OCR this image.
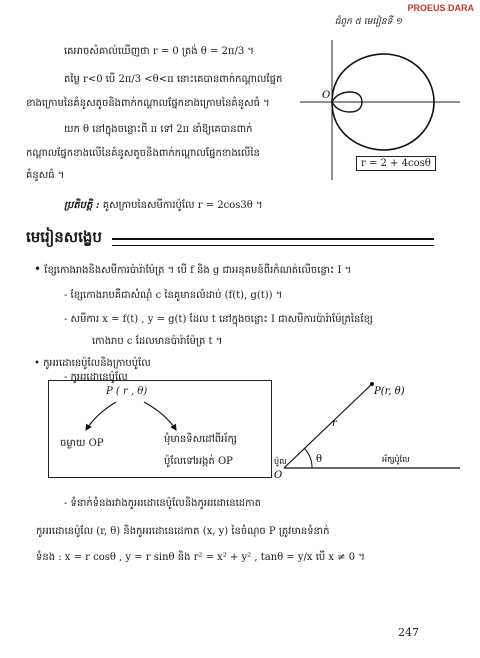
PROEUS DARA
ជំពូក ៥ មេរៀនទី ១
គេអាចសំគាល់ឃើញថា r = 0 ត្រង់ θ = 2π/3 ។
តម្លៃ r<0 បើ 2π/3 <θ<π នោះគេបានពាក់កណ្ដាលផ្នែក
ខាងក្រោមនៃគំនូសតូចនិងពាក់កណ្ដាលផ្នែកខាងក្រោមនៃគំនូសធំ ។
យក θ នៅក្នុងចន្លោះពី π ទៅ 2π នាំឱ្យគេបានពាក់
កណ្ដាលផ្នែកខាងលើនៃគំនូសតូចនិងពាក់កណ្ដាលផ្នែកខាងលើនៃ
គំនូសធំ ។
O
r = 2 + 4cosθ
ប្រតិបត្តិ : គូសក្រាបនៃសមីការប៉ូលែ r = 2cos3θ ។
មេរៀនសង្ខេប
• ខ្សែកោងរាងនិងសមីការប៉ារ៉ាម៉ែត្រ ។ បើ f និង g ជាអនុគមន៍ពីរកំណត់លើចន្លោះ I ។
- ខ្សែកោងរាបគឺជាសំណុំ c នៃគូមានលំដាប់ (f(t), g(t)) ។
- សមីការ x = f(t) , y = g(t) ដែល t នៅក្នុងចន្លោះ I ជាសមីការប៉ារ៉ាម៉ែត្រនៃខ្សែ
កោងរាប c ដែលមានប៉ារ៉ាម៉ែត្រ t ។
• កូអរដោនេប៉ូលែនិងក្រាបប៉ូលែ
- កូអរដោនេប៉ូលែ
P ( r , θ)
ចម្ងាយ OP	មុំមានទិសដៅពីអ័ក្ស
ប៉ូលែទៅអង្កត់ OP
P(r, θ)
r
θ
O
ប៉ូល	អ័ក្សប៉ូលែ
- ទំនាក់ទំនងរវាងកូអរដោនេប៉ូលែនិងកូអរដោនេដេកាត
កូអរដោនេប៉ូលែ (r, θ) និងកូអរដោនេដេកាត (x, y) នៃចំណុច P ត្រូវមានទំនាក់
ទំនង : x = r cosθ , y = r sinθ និង r² = x² + y² , tanθ = y/x បើ x ≠ 0 ។
247
